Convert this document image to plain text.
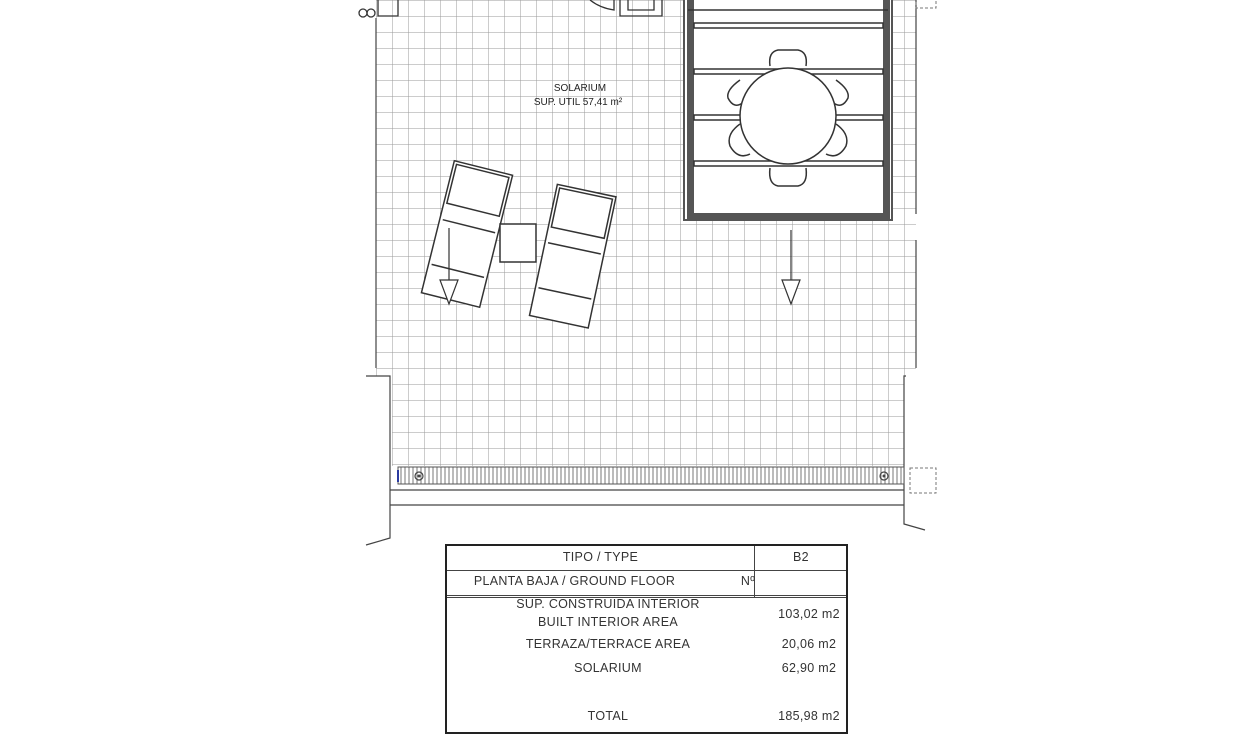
SOLARIUM
SUP. UTIL 57,41 m²
TIPO / TYPE	B2
PLANTA BAJA / GROUND FLOOR	Nº
SUP. CONSTRUIDA INTERIOR
BUILT INTERIOR AREA
103,02 m2
TERRAZA/TERRACE AREA	20,06 m2
SOLARIUM	62,90 m2
TOTAL	185,98 m2
